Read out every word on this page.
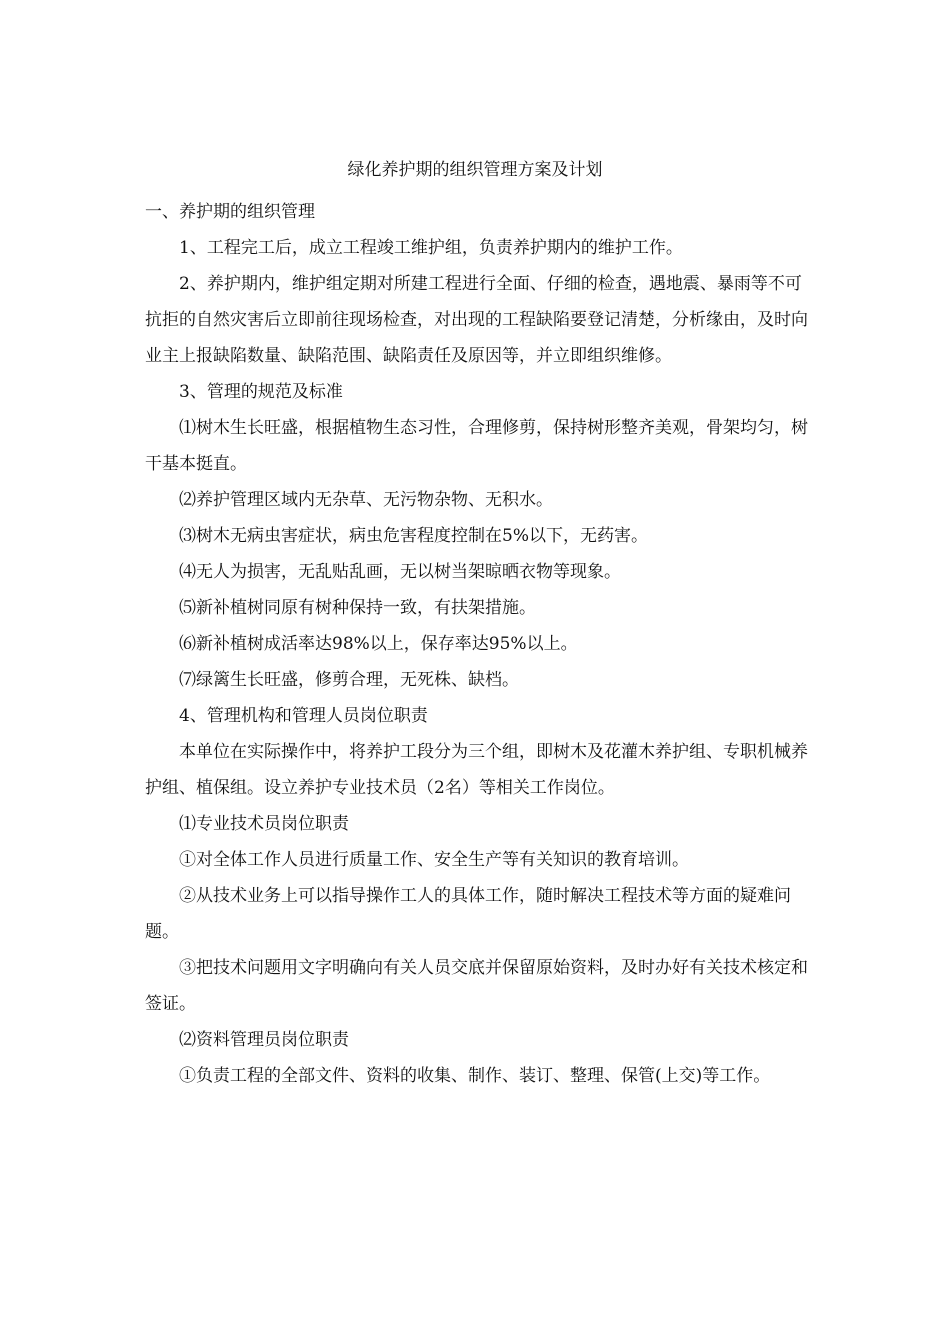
绿化养护期的组织管理方案及计划

一、养护期的组织管理

1、工程完工后，成立工程竣工维护组，负责养护期内的维护工作。

2、养护期内，维护组定期对所建工程进行全面、仔细的检查，遇地震、暴雨等不可抗拒的自然灾害后立即前往现场检查，对出现的工程缺陷要登记清楚，分析缘由，及时向业主上报缺陷数量、缺陷范围、缺陷责任及原因等，并立即组织维修。

3、管理的规范及标准

⑴树木生长旺盛，根据植物生态习性，合理修剪，保持树形整齐美观，骨架均匀，树干基本挺直。

⑵养护管理区域内无杂草、无污物杂物、无积水。

⑶树木无病虫害症状，病虫危害程度控制在5%以下，无药害。

⑷无人为损害，无乱贴乱画，无以树当架晾晒衣物等现象。

⑸新补植树同原有树种保持一致，有扶架措施。

⑹新补植树成活率达98%以上，保存率达95%以上。

⑺绿篱生长旺盛，修剪合理，无死株、缺档。

4、管理机构和管理人员岗位职责

本单位在实际操作中，将养护工段分为三个组，即树木及花灌木养护组、专职机械养护组、植保组。设立养护专业技术员（2名）等相关工作岗位。

⑴专业技术员岗位职责

①对全体工作人员进行质量工作、安全生产等有关知识的教育培训。

②从技术业务上可以指导操作工人的具体工作，随时解决工程技术等方面的疑难问题。

③把技术问题用文字明确向有关人员交底并保留原始资料，及时办好有关技术核定和签证。

⑵资料管理员岗位职责

①负责工程的全部文件、资料的收集、制作、装订、整理、保管(上交)等工作。
